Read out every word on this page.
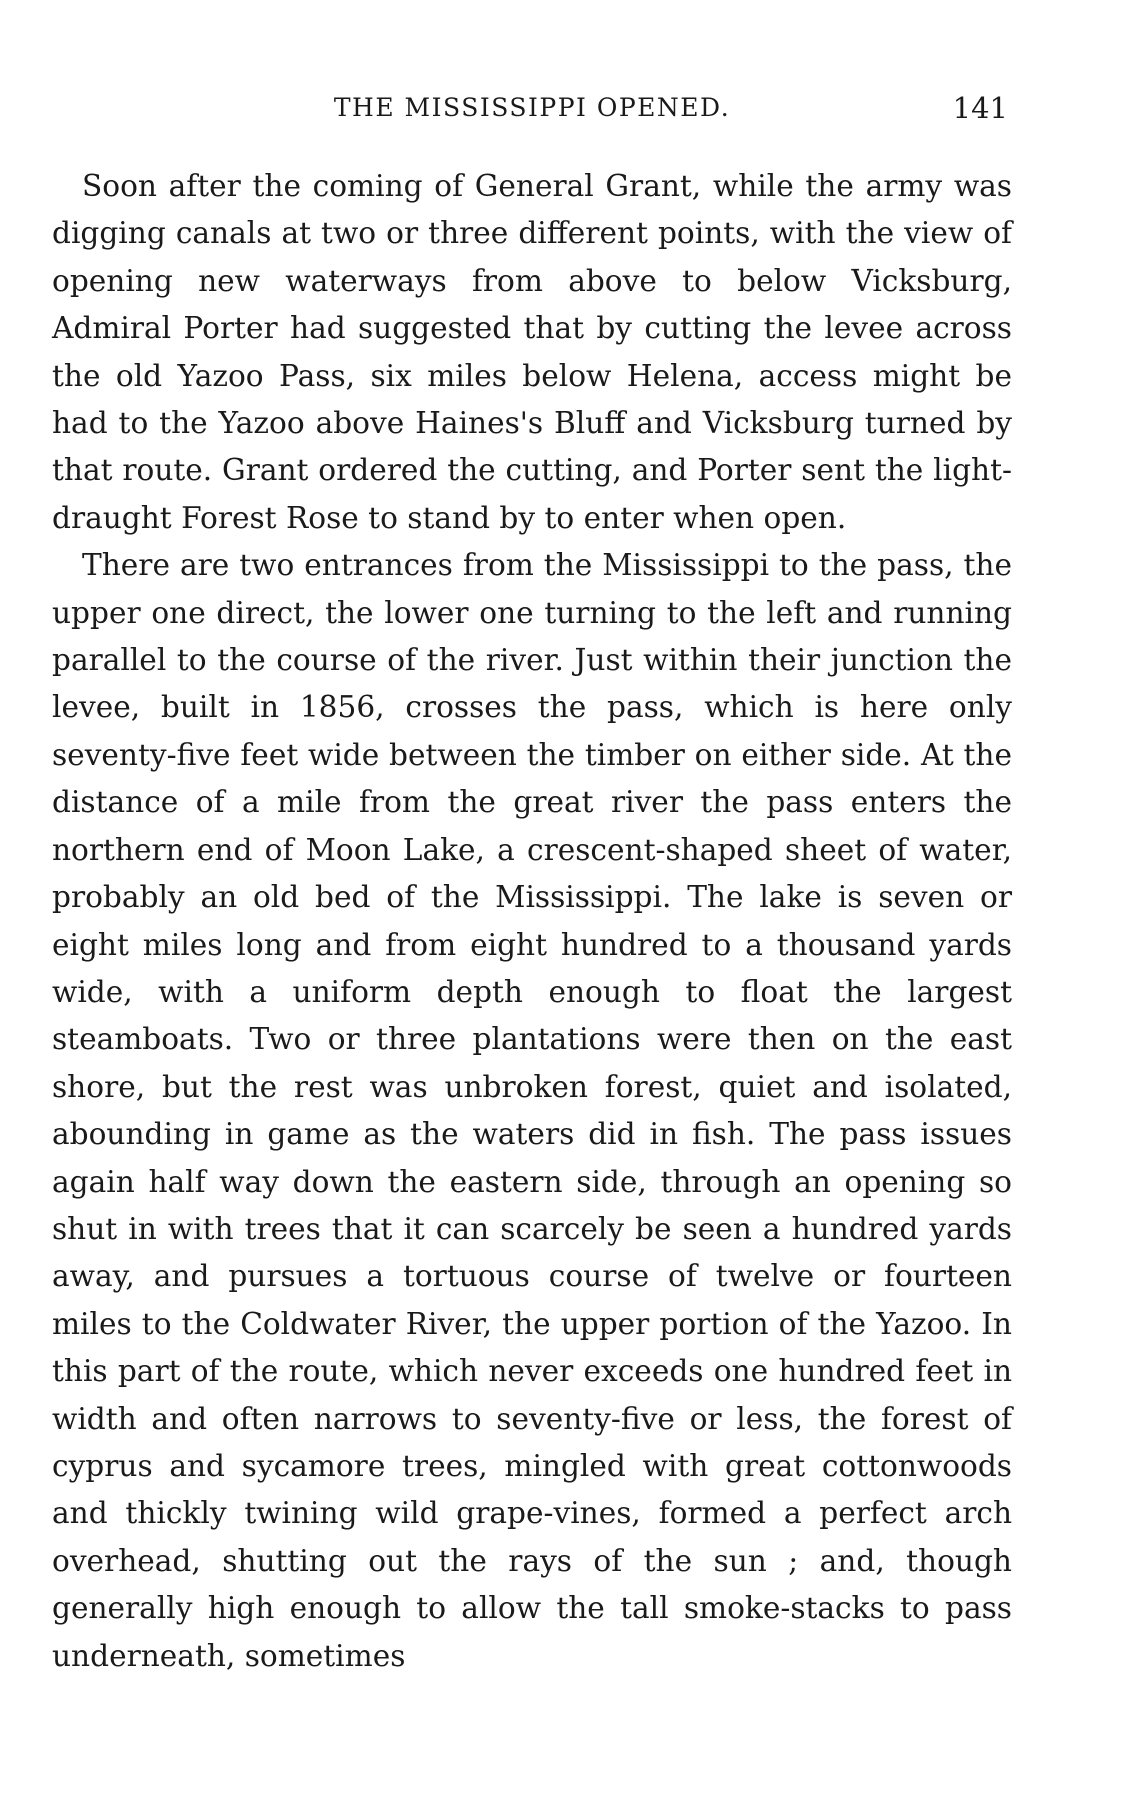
THE MISSISSIPPI OPENED.	141

Soon after the coming of General Grant, while the army was digging canals at two or three different points, with the view of opening new waterways from above to below Vicksburg, Admiral Porter had suggested that by cutting the levee across the old Yazoo Pass, six miles below Helena, access might be had to the Yazoo above Haines's Bluff and Vicksburg turned by that route. Grant ordered the cutting, and Porter sent the light-draught Forest Rose to stand by to enter when open.

There are two entrances from the Mississippi to the pass, the upper one direct, the lower one turning to the left and running parallel to the course of the river. Just within their junction the levee, built in 1856, crosses the pass, which is here only seventy-five feet wide between the timber on either side. At the distance of a mile from the great river the pass enters the northern end of Moon Lake, a crescent-shaped sheet of water, probably an old bed of the Mississippi. The lake is seven or eight miles long and from eight hundred to a thousand yards wide, with a uniform depth enough to float the largest steamboats. Two or three plantations were then on the east shore, but the rest was unbroken forest, quiet and isolated, abounding in game as the waters did in fish. The pass issues again half way down the eastern side, through an opening so shut in with trees that it can scarcely be seen a hundred yards away, and pursues a tortuous course of twelve or fourteen miles to the Coldwater River, the upper portion of the Yazoo. In this part of the route, which never exceeds one hundred feet in width and often narrows to seventy-five or less, the forest of cyprus and sycamore trees, mingled with great cottonwoods and thickly twining wild grape-vines, formed a perfect arch overhead, shutting out the rays of the sun ; and, though generally high enough to allow the tall smoke-stacks to pass underneath, sometimes
